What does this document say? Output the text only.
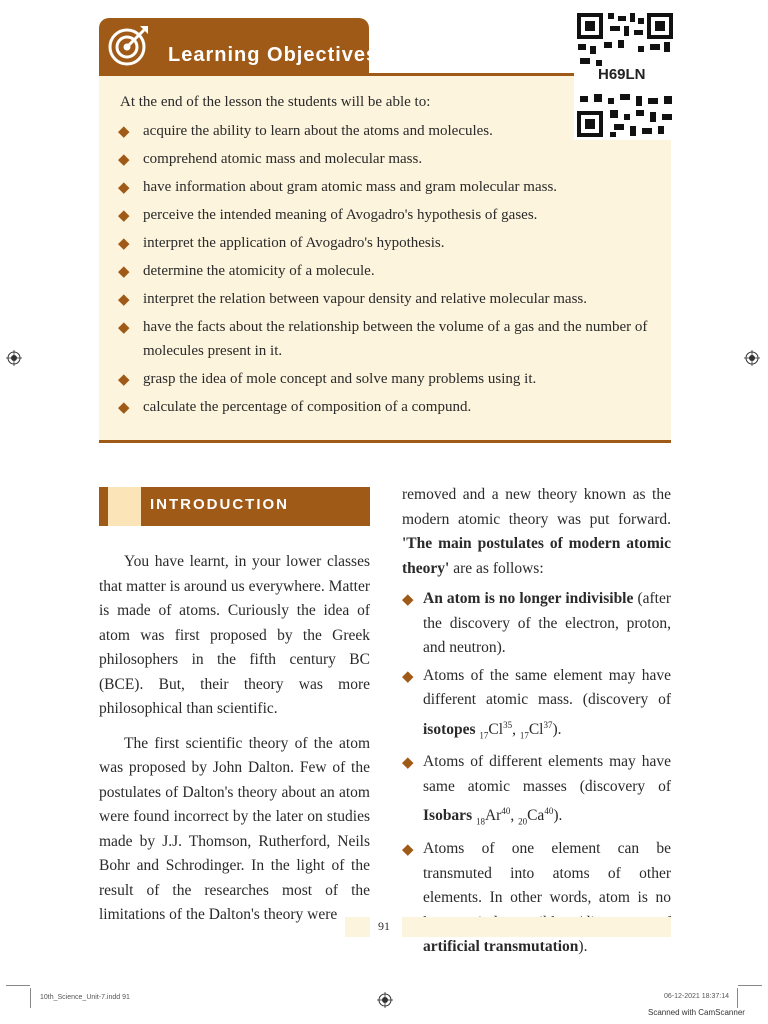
Learning Objectives
At the end of the lesson the students will be able to:
◆ acquire the ability to learn about the atoms and molecules.
◆ comprehend atomic mass and molecular mass.
◆ have information about gram atomic mass and gram molecular mass.
◆ perceive the intended meaning of Avogadro's hypothesis of gases.
◆ interpret the application of Avogadro's hypothesis.
◆ determine the atomicity of a molecule.
◆ interpret the relation between vapour density and relative molecular mass.
◆ have the facts about the relationship between the volume of a gas and the number of molecules present in it.
◆ grasp the idea of mole concept and solve many problems using it.
◆ calculate the percentage of composition of a compund.
H69LN
INTRODUCTION

You have learnt, in your lower classes that matter is around us everywhere. Matter is made of atoms. Curiously the idea of atom was first proposed by the Greek philosophers in the fifth century BC (BCE). But, their theory was more philosophical than scientific.

The first scientific theory of the atom was proposed by John Dalton. Few of the postulates of Dalton's theory about an atom were found incorrect by the later on studies made by J.J. Thomson, Rutherford, Neils Bohr and Schrodinger. In the light of the result of the researches most of the limitations of the Dalton's theory were

removed and a new theory known as the modern atomic theory was put forward. 'The main postulates of modern atomic theory' are as follows:

◆ An atom is no longer indivisible (after the discovery of the electron, proton, and neutron).
◆ Atoms of the same element may have different atomic mass. (discovery of isotopes $_{17}Cl^{35}$, $_{17}Cl^{37}$).
◆ Atoms of different elements may have same atomic masses (discovery of Isobars $_{18}Ar^{40}$, $_{20}Ca^{40}$).
◆ Atoms of one element can be transmuted into atoms of other elements. In other words, atom is no artificial transmutation).
91
10th_Science_Unit-7.indd 91	06-12-2021 18:37:14
Scanned with CamScanner
